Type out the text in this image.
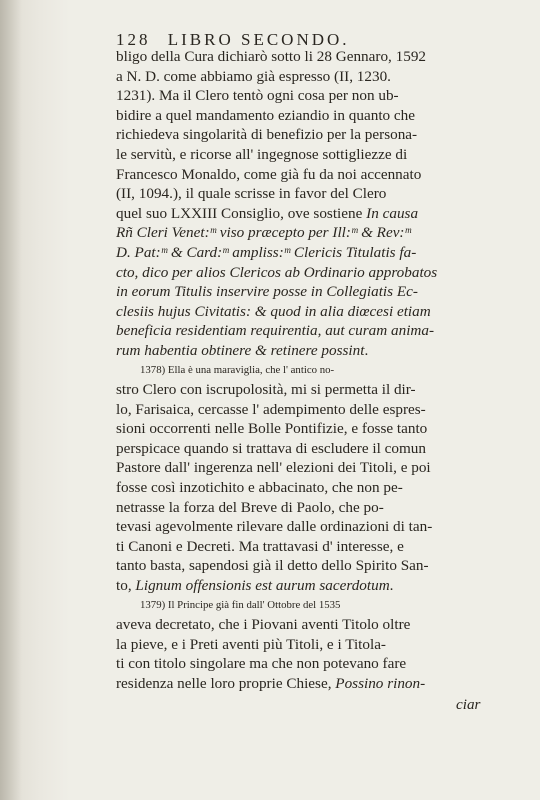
128 LIBRO SECONDO.
bligo della Cura dichiarò sotto li 28 Gennaro, 1592
a N. D. come abbiamo già espresso (II, 1230.
1231). Ma il Clero tentò ogni cosa per non ub-
bidire a quel mandamento eziandio in quanto che
richiedeva singolarità di benefizio per la persona-
le servitù, e ricorse all' ingegnose sottigliezze di
Francesco Monaldo, come già fu da noi accennato
(II, 1094.), il quale scrisse in favor del Clero
quel suo LXXIII Consiglio, ove sostiene In causa
Rñ Cleri Venet:ᵐ viso præcepto per Ill:ᵐ & Rev:ᵐ
D. Pat:ᵐ & Card:ᵐ ampliss:ᵐ Clericis Titulatis fa-
cto, dico per alios Clericos ab Ordinario approbatos
in eorum Titulis inservire posse in Collegiatis Ec-
clesiis hujus Civitatis: & quod in alia diœcesi etiam
beneficia residentiam requirentia, aut curam anima-
rum habentia obtinere & retinere possint.
1378) Ella è una maraviglia, che l' antico no-
stro Clero con iscrupolosità, mi si permetta il dir-
lo, Farisaica, cercasse l' adempimento delle espres-
sioni occorrenti nelle Bolle Pontifizie, e fosse tanto
perspicace quando si trattava di escludere il comun
Pastore dall' ingerenza nell' elezioni dei Titoli, e poi
fosse così inzotichito e abbacinato, che non pe-
netrasse la forza del Breve di Paolo, che po-
tevasi agevolmente rilevare dalle ordinazioni di tan-
ti Canoni e Decreti. Ma trattavasi d' interesse, e
tanto basta, sapendosi già il detto dello Spirito San-
to, Lignum offensionis est aurum sacerdotum.
1379) Il Principe già fin dall' Ottobre del 1535
aveva decretato, che i Piovani aventi Titolo oltre
la pieve, e i Preti aventi più Titoli, e i Titola-
ti con titolo singolare ma che non potevano fare
residenza nelle loro proprie Chiese, Possino rinon-
ciar
